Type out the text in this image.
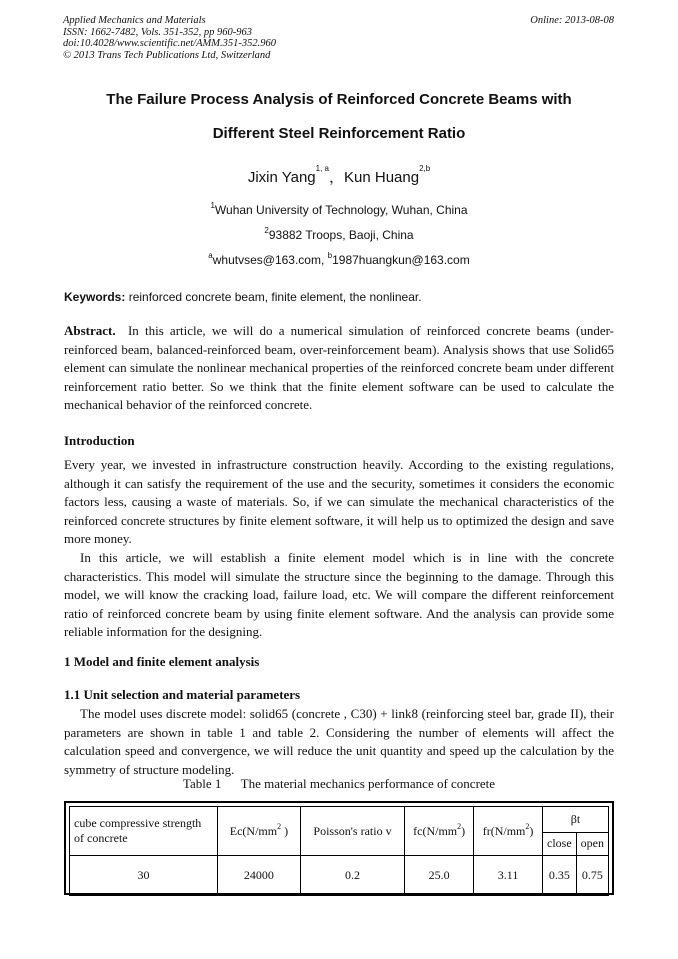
Applied Mechanics and Materials
ISSN: 1662-7482, Vols. 351-352, pp 960-963
doi:10.4028/www.scientific.net/AMM.351-352.960
© 2013 Trans Tech Publications Ltd, Switzerland
Online: 2013-08-08
The Failure Process Analysis of Reinforced Concrete Beams with
Different Steel Reinforcement Ratio
Jixin Yang$^{1, a}$，Kun Huang$^{2,b}$
$^1$Wuhan University of Technology, Wuhan, China
$^2$93882 Troops, Baoji, China
$^a$whutvses@163.com, $^b$1987huangkun@163.com
Keywords: reinforced concrete beam, finite element, the nonlinear.
Abstract.  In this article, we will do a numerical simulation of reinforced concrete beams (under-reinforced beam, balanced-reinforced beam, over-reinforcement beam). Analysis shows that use Solid65 element can simulate the nonlinear mechanical properties of the reinforced concrete beam under different reinforcement ratio better. So we think that the finite element software can be used to calculate the mechanical behavior of the reinforced concrete.
Introduction
Every year, we invested in infrastructure construction heavily. According to the existing regulations, although it can satisfy the requirement of the use and the security, sometimes it considers the economic factors less, causing a waste of materials. So, if we can simulate the mechanical characteristics of the reinforced concrete structures by finite element software, it will help us to optimized the design and save more money.
In this article, we will establish a finite element model which is in line with the concrete characteristics. This model will simulate the structure since the beginning to the damage. Through this model, we will know the cracking load, failure load, etc. We will compare the different reinforcement ratio of reinforced concrete beam by using finite element software. And the analysis can provide some reliable information for the designing.
1 Model and finite element analysis
1.1 Unit selection and material parameters
The model uses discrete model: solid65 (concrete , C30) + link8 (reinforcing steel bar, grade II), their parameters are shown in table 1 and table 2. Considering the number of elements will affect the calculation speed and convergence, we will reduce the unit quantity and speed up the calculation by the symmetry of structure modeling.
Table 1      The material mechanics performance of concrete
cube compressive strength of concrete	$Ec(N/mm^2$ )	Poisson's ratio v	$fc(N/mm^2)$	$fr(N/mm^2)$	βt	
					close	open
30	24000	0.2	25.0	3.11	0.35	0.75
